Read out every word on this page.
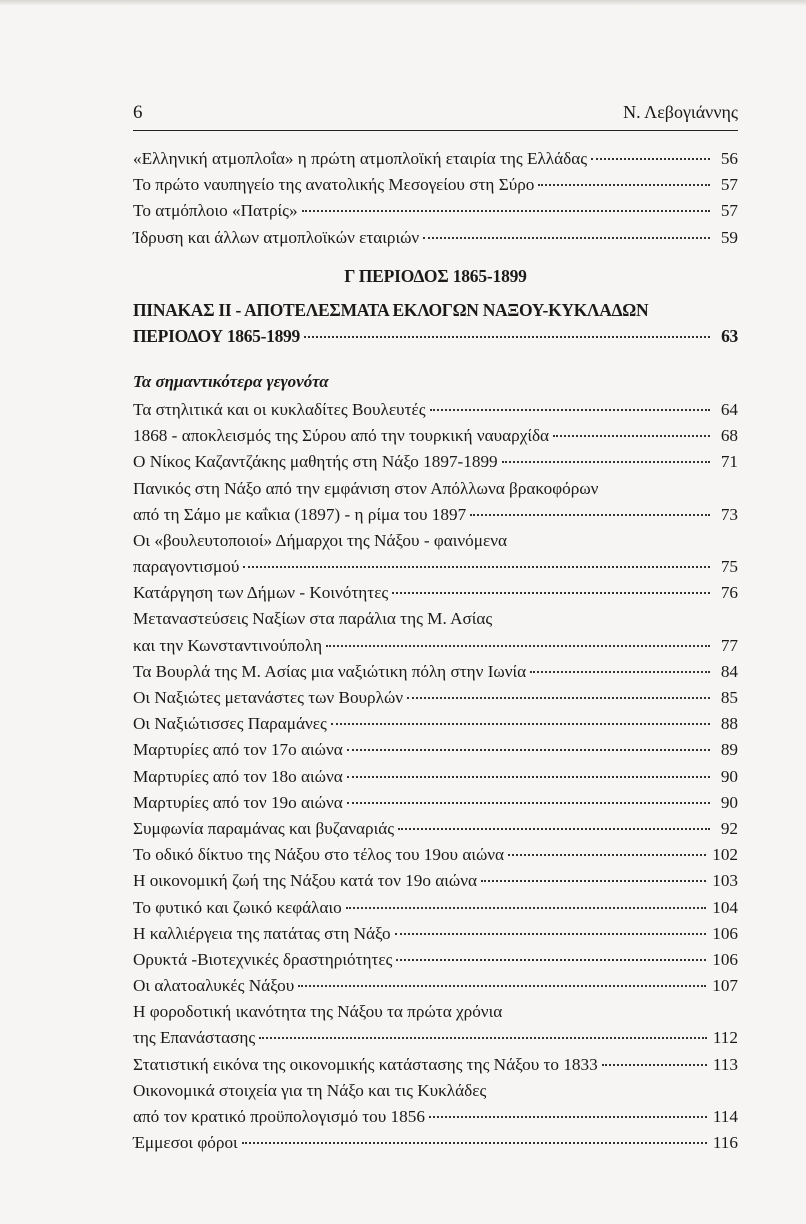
6	Ν. Λεβογιάννης
«Ελληνική ατμοπλοΐα» η πρώτη ατμοπλοϊκή εταιρία της Ελλάδας	56
Το πρώτο ναυπηγείο της ανατολικής Μεσογείου στη Σύρο	57
Το ατμόπλοιο «Πατρίς»	57
Ίδρυση και άλλων ατμοπλοϊκών εταιριών	59
Γ ΠΕΡΙΟΔΟΣ 1865-1899
ΠΙΝΑΚΑΣ ΙΙ - ΑΠΟΤΕΛΕΣΜΑΤΑ ΕΚΛΟΓΩΝ ΝΑΞΟΥ-ΚΥΚΛΑΔΩΝ
ΠΕΡΙΟΔΟΥ 1865-1899	63
Τα σημαντικότερα γεγονότα
Τα στηλιτικά και οι κυκλαδίτες Βουλευτές	64
1868 - αποκλεισμός της Σύρου από την τουρκική ναυαρχίδα	68
Ο Νίκος Καζαντζάκης μαθητής στη Νάξο 1897-1899	71
Πανικός στη Νάξο από την εμφάνιση στον Απόλλωνα βρακοφόρων
από τη Σάμο με καΐκια (1897) - η ρίμα του 1897	73
Οι «βουλευτοποιοί» Δήμαρχοι της Νάξου - φαινόμενα
παραγοντισμού	75
Κατάργηση των Δήμων - Κοινότητες	76
Μεταναστεύσεις Ναξίων στα παράλια της Μ. Ασίας
και την Κωνσταντινούπολη	77
Τα Βουρλά της Μ. Ασίας μια ναξιώτικη πόλη στην Ιωνία	84
Οι Ναξιώτες μετανάστες των Βουρλών	85
Οι Ναξιώτισσες Παραμάνες	88
Μαρτυρίες από τον 17ο αιώνα	89
Μαρτυρίες από τον 18ο αιώνα	90
Μαρτυρίες από τον 19ο αιώνα	90
Συμφωνία παραμάνας και βυζαναριάς	92
Το οδικό δίκτυο της Νάξου στο τέλος του 19ου αιώνα	102
Η οικονομική ζωή της Νάξου κατά τον 19ο αιώνα	103
Το φυτικό και ζωικό κεφάλαιο	104
Η καλλιέργεια της πατάτας στη Νάξο	106
Ορυκτά -Βιοτεχνικές δραστηριότητες	106
Οι αλατοαλυκές Νάξου	107
Η φοροδοτική ικανότητα της Νάξου τα πρώτα χρόνια
της Επανάστασης	112
Στατιστική εικόνα της οικονομικής κατάστασης της Νάξου το 1833	113
Οικονομικά στοιχεία για τη Νάξο και τις Κυκλάδες
από τον κρατικό προϋπολογισμό του 1856	114
Έμμεσοι φόροι	116
